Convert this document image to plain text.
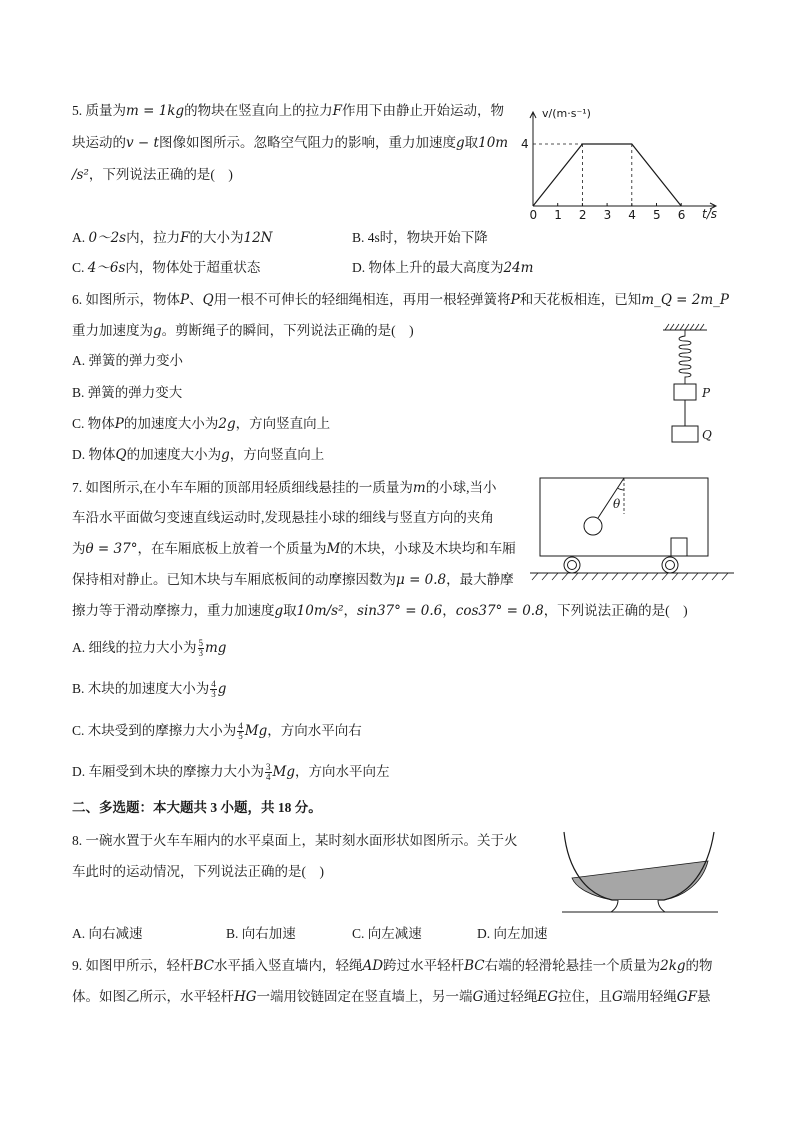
5. 质量为m = 1kg的物块在竖直向上的拉力F作用下由静止开始运动，物
块运动的v − t图像如图所示。忽略空气阻力的影响，重力加速度g取10m
/s²，下列说法正确的是(　)
0 1 2 3 4 5 6
4
v/(m·s⁻¹)
t/s
A. 0～2s内，拉力F的大小为12N	B. 4s时，物块开始下降
C. 4～6s内，物体处于超重状态	D. 物体上升的最大高度为24m
6. 如图所示，物体P、Q用一根不可伸长的轻细绳相连，再用一根轻弹簧将P和天花板相连，已知m_Q = 2m_P
重力加速度为g。剪断绳子的瞬间，下列说法正确的是(　)
A. 弹簧的弹力变小
B. 弹簧的弹力变大
C. 物体P的加速度大小为2g，方向竖直向上
D. 物体Q的加速度大小为g，方向竖直向上
P
Q
7. 如图所示,在小车车厢的顶部用轻质细线悬挂的一质量为m的小球,当小
车沿水平面做匀变速直线运动时,发现悬挂小球的细线与竖直方向的夹角
为θ = 37°，在车厢底板上放着一个质量为M的木块，小球及木块均和车厢
保持相对静止。已知木块与车厢底板间的动摩擦因数为μ = 0.8，最大静摩
擦力等于滑动摩擦力，重力加速度g取10m/s²，sin37° = 0.6，cos37° = 0.8，下列说法正确的是(　)
A. 细线的拉力大小为 $\frac{5}{3}$ mg
B. 木块的加速度大小为 $\frac{4}{3}$ g
C. 木块受到的摩擦力大小为 $\frac{4}{5}$ Mg，方向水平向右
D. 车厢受到木块的摩擦力大小为 $\frac{3}{4}$ Mg，方向水平向左
θ
二、多选题：本大题共 3 小题，共 18 分。
8. 一碗水置于火车车厢内的水平桌面上，某时刻水面形状如图所示。关于火
车此时的运动情况，下列说法正确的是(　)
A. 向右减速	B. 向右加速	C. 向左减速	D. 向左加速
9. 如图甲所示，轻杆BC水平插入竖直墙内，轻绳AD跨过水平轻杆BC右端的轻滑轮悬挂一个质量为2kg的物
体。如图乙所示，水平轻杆HG一端用铰链固定在竖直墙上，另一端G通过轻绳EG拉住，且G端用轻绳GF悬
